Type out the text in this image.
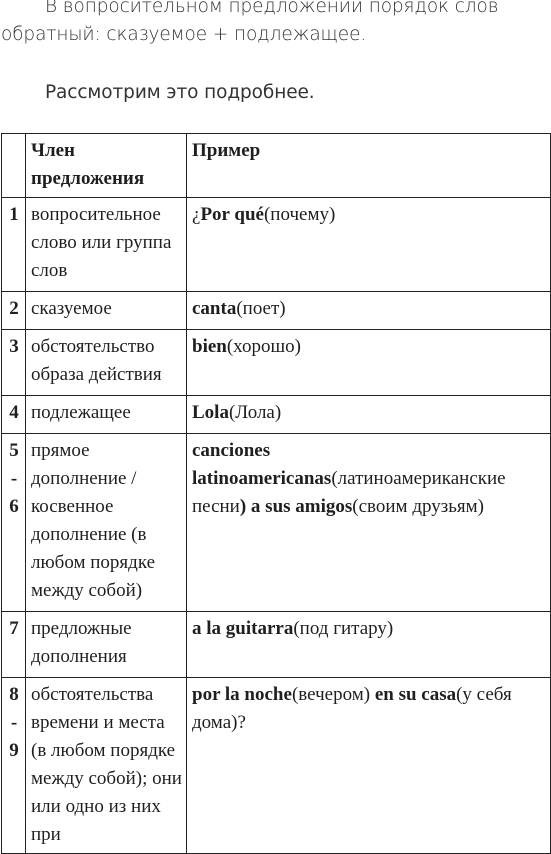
В вопросительном предложении порядок слов
обратный: сказуемое + подлежащее.
Рассмотрим это подробнее.
	Член предложения	Пример

1	вопросительное слово или группа слов	¿Por qué(почему)

2	сказуемое	canta(поет)

3	обстоятельство образа действия	bien(хорошо)

4	подлежащее	Lola(Лола)

5
-
6	прямое дополнение / косвенное дополнение (в любом порядке между собой)	canciones latinoamericanas(латиноамериканские песни) a sus amigos(своим друзьям)

7	предложные дополнения	a la guitarra(под гитару)

8
-
9	обстоятельства времени и места (в любом порядке между собой); они или одно из них при	por la noche(вечером) en su casa(у себя дома)?
